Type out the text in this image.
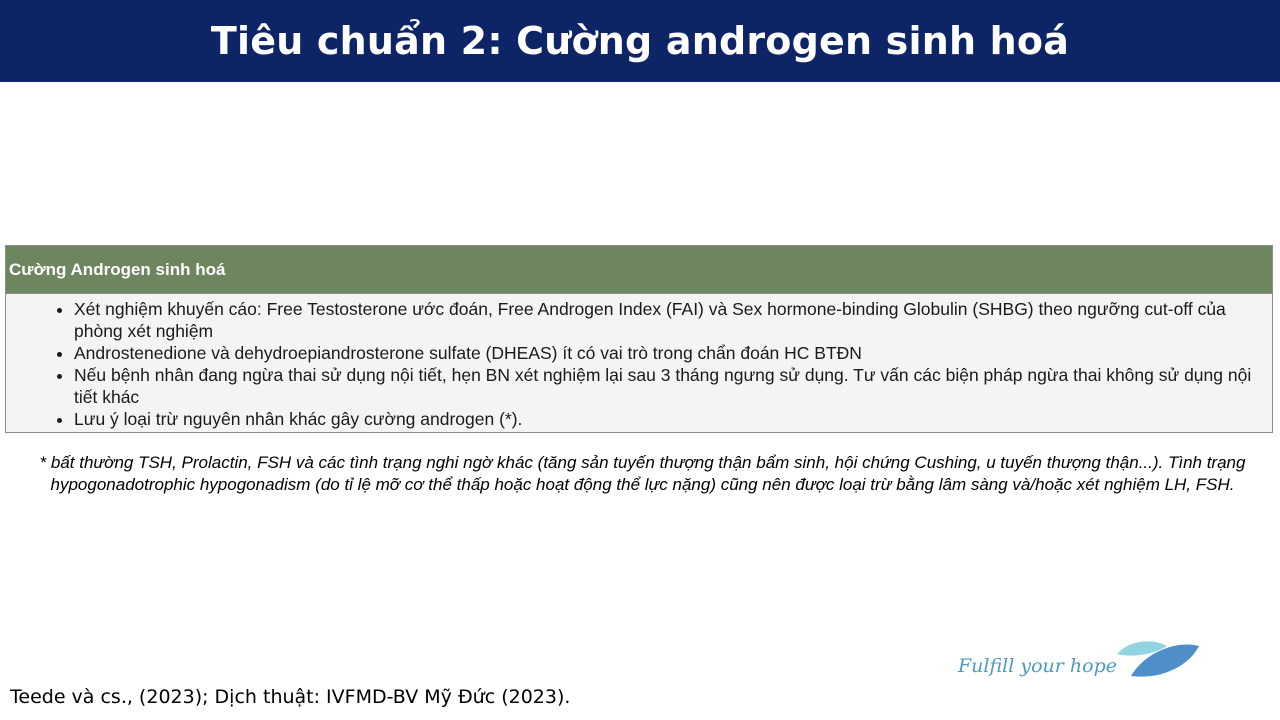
Tiêu chuẩn 2: Cường androgen sinh hoá
Cường Androgen sinh hoá
• Xét nghiệm khuyến cáo: Free Testosterone ước đoán, Free Androgen Index (FAI) và Sex hormone-binding Globulin (SHBG) theo ngưỡng cut-off của phòng xét nghiệm
• Androstenedione và dehydroepiandrosterone sulfate (DHEAS) ít có vai trò trong chẩn đoán HC BTĐN
• Nếu bệnh nhân đang ngừa thai sử dụng nội tiết, hẹn BN xét nghiệm lại sau 3 tháng ngưng sử dụng. Tư vấn các biện pháp ngừa thai không sử dụng nội tiết khác
• Lưu ý loại trừ nguyên nhân khác gây cường androgen (*).
* bất thường TSH, Prolactin, FSH và các tình trạng nghi ngờ khác (tăng sản tuyến thượng thận bẩm sinh, hội chứng Cushing, u tuyến thượng thận...). Tình trạng hypogonadotrophic hypogonadism (do tỉ lệ mỡ cơ thể thấp hoặc hoạt động thể lực nặng) cũng nên được loại trừ bằng lâm sàng và/hoặc xét nghiệm LH, FSH.
Teede và cs., (2023); Dịch thuật: IVFMD-BV Mỹ Đức (2023).
Fulfill your hope
